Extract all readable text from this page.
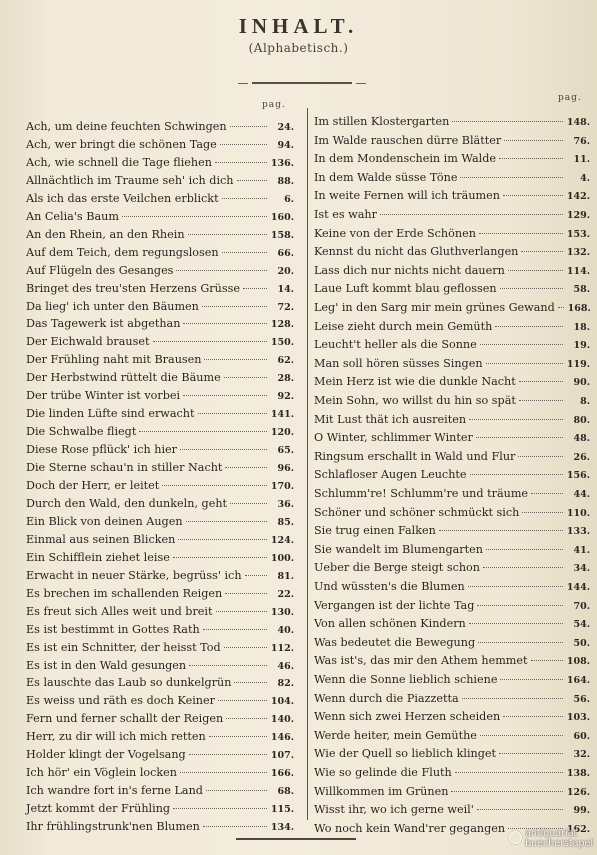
INHALT.
(Alphabetisch.)
pag.
pag.
Ach, um deine feuchten Schwingen	24.
Ach, wer bringt die schönen Tage	94.
Ach, wie schnell die Tage fliehen	136.
Allnächtlich im Traume seh' ich dich	88.
Als ich das erste Veilchen erblickt	6.
An Celia's Baum	160.
An den Rhein, an den Rhein	158.
Auf dem Teich, dem regungslosen	66.
Auf Flügeln des Gesanges	20.
Bringet des treu'sten Herzens Grüsse	14.
Da lieg' ich unter den Bäumen	72.
Das Tagewerk ist abgethan	128.
Der Eichwald brauset	150.
Der Frühling naht mit Brausen	62.
Der Herbstwind rüttelt die Bäume	28.
Der trübe Winter ist vorbei	92.
Die linden Lüfte sind erwacht	141.
Die Schwalbe fliegt	120.
Diese Rose pflück' ich hier	65.
Die Sterne schau'n in stiller Nacht	96.
Doch der Herr, er leitet	170.
Durch den Wald, den dunkeln, geht	36.
Ein Blick von deinen Augen	85.
Einmal aus seinen Blicken	124.
Ein Schifflein ziehet leise	100.
Erwacht in neuer Stärke, begrüss' ich	81.
Es brechen im schallenden Reigen	22.
Es freut sich Alles weit und breit	130.
Es ist bestimmt in Gottes Rath	40.
Es ist ein Schnitter, der heisst Tod	112.
Es ist in den Wald gesungen	46.
Es lauschte das Laub so dunkelgrün	82.
Es weiss und räth es doch Keiner	104.
Fern und ferner schallt der Reigen	140.
Herr, zu dir will ich mich retten	146.
Holder klingt der Vogelsang	107.
Ich hör' ein Vöglein locken	166.
Ich wandre fort in's ferne Land	68.
Jetzt kommt der Frühling	115.
Ihr frühlingstrunk'nen Blumen	134.
Im stillen Klostergarten	148.
Im Walde rauschen dürre Blätter	76.
In dem Mondenschein im Walde	11.
In dem Walde süsse Töne	4.
In weite Fernen will ich träumen	142.
Ist es wahr	129.
Keine von der Erde Schönen	153.
Kennst du nicht das Gluthverlangen	132.
Lass dich nur nichts nicht dauern	114.
Laue Luft kommt blau geflossen	58.
Leg' in den Sarg mir mein grünes Gewand 168.
Leise zieht durch mein Gemüth	18.
Leucht't heller als die Sonne	19.
Man soll hören süsses Singen	119.
Mein Herz ist wie die dunkle Nacht	90.
Mein Sohn, wo willst du hin so spät	8.
Mit Lust thät ich ausreiten	80.
O Winter, schlimmer Winter	48.
Ringsum erschallt in Wald und Flur	26.
Schlafloser Augen Leuchte	156.
Schlumm're! Schlumm're und träume	44.
Schöner und schöner schmückt sich	110.
Sie trug einen Falken	133.
Sie wandelt im Blumengarten	41.
Ueber die Berge steigt schon	34.
Und wüssten's die Blumen	144.
Vergangen ist der lichte Tag	70.
Von allen schönen Kindern	54.
Was bedeutet die Bewegung	50.
Was ist's, das mir den Athem hemmet	108.
Wenn die Sonne lieblich schiene	164.
Wenn durch die Piazzetta	56.
Wenn sich zwei Herzen scheiden	103.
Werde heiter, mein Gemüthe	60.
Wie der Quell so lieblich klinget	32.
Wie so gelinde die Fluth	138.
Willkommen im Grünen	126.
Wisst ihr, wo ich gerne weil'	99.
Wo noch kein Wand'rer gegangen	162.
antiquariat
buecherstapel
